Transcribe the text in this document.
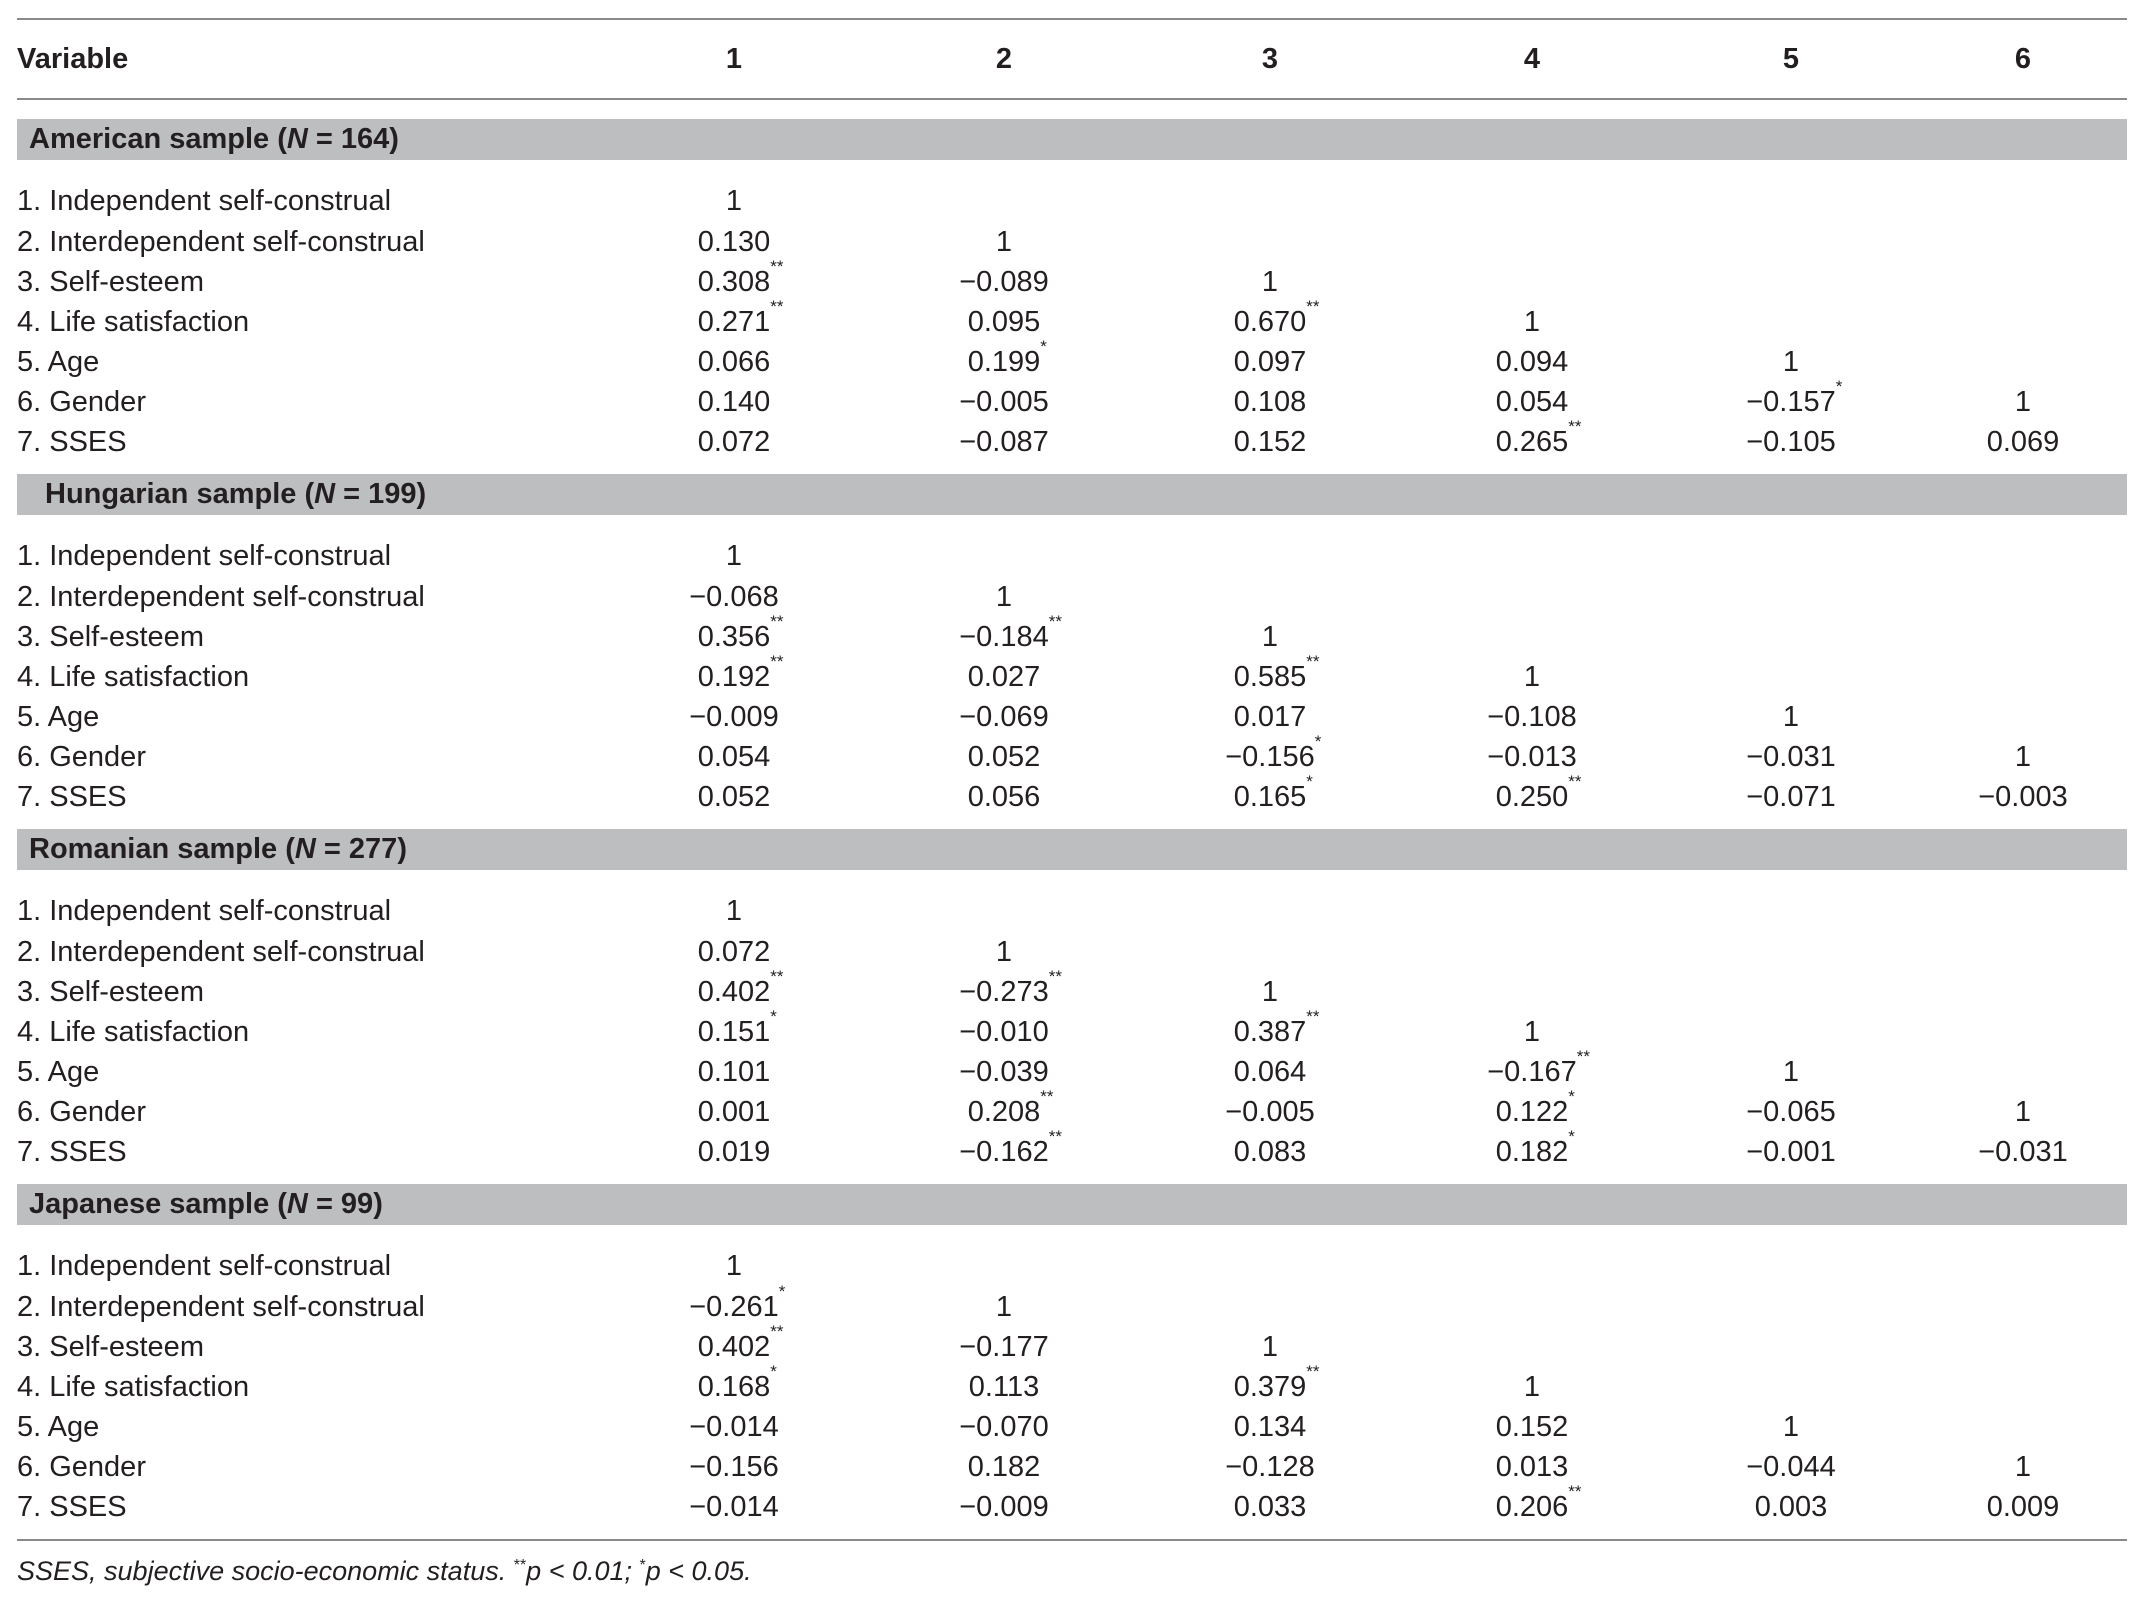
Variable	1	2	3	4	5	6

American sample (N = 164)						
1. Independent self-construal	1					
2. Interdependent self-construal	0.130	1				
3. Self-esteem	0.308 **	−0.089	1			
4. Life satisfaction	0.271 **	0.095	0.670 **	1		
5. Age	0.066	0.199 *	0.097	0.094	1	
6. Gender	0.140	−0.005	0.108	0.054	−0.157 *	1
7. SSES	0.072	−0.087	0.152	0.265 **	−0.105	0.069

Hungarian sample (N = 199)						
1. Independent self-construal	1					
2. Interdependent self-construal	−0.068	1				
3. Self-esteem	0.356 **	−0.184 **	1			
4. Life satisfaction	0.192 **	0.027	0.585 **	1		
5. Age	−0.009	−0.069	0.017	−0.108	1	
6. Gender	0.054	0.052	−0.156 *	−0.013	−0.031	1
7. SSES	0.052	0.056	0.165 *	0.250 **	−0.071	−0.003

Romanian sample (N = 277)						
1. Independent self-construal	1					
2. Interdependent self-construal	0.072	1				
3. Self-esteem	0.402 **	−0.273 **	1			
4. Life satisfaction	0.151 *	−0.010	0.387 **	1		
5. Age	0.101	−0.039	0.064	−0.167 **	1	
6. Gender	0.001	0.208 **	−0.005	0.122 *	−0.065	1
7. SSES	0.019	−0.162 **	0.083	0.182 *	−0.001	−0.031

Japanese sample (N = 99)						
1. Independent self-construal	1					
2. Interdependent self-construal	−0.261 *	1				
3. Self-esteem	0.402 **	−0.177	1			
4. Life satisfaction	0.168 *	0.113	0.379 **	1		
5. Age	−0.014	−0.070	0.134	0.152	1	
6. Gender	−0.156	0.182	−0.128	0.013	−0.044	1
7. SSES	−0.014	−0.009	0.033	0.206 **	0.003	0.009

SSES, subjective socio-economic status. **p < 0.01; *p < 0.05.						
